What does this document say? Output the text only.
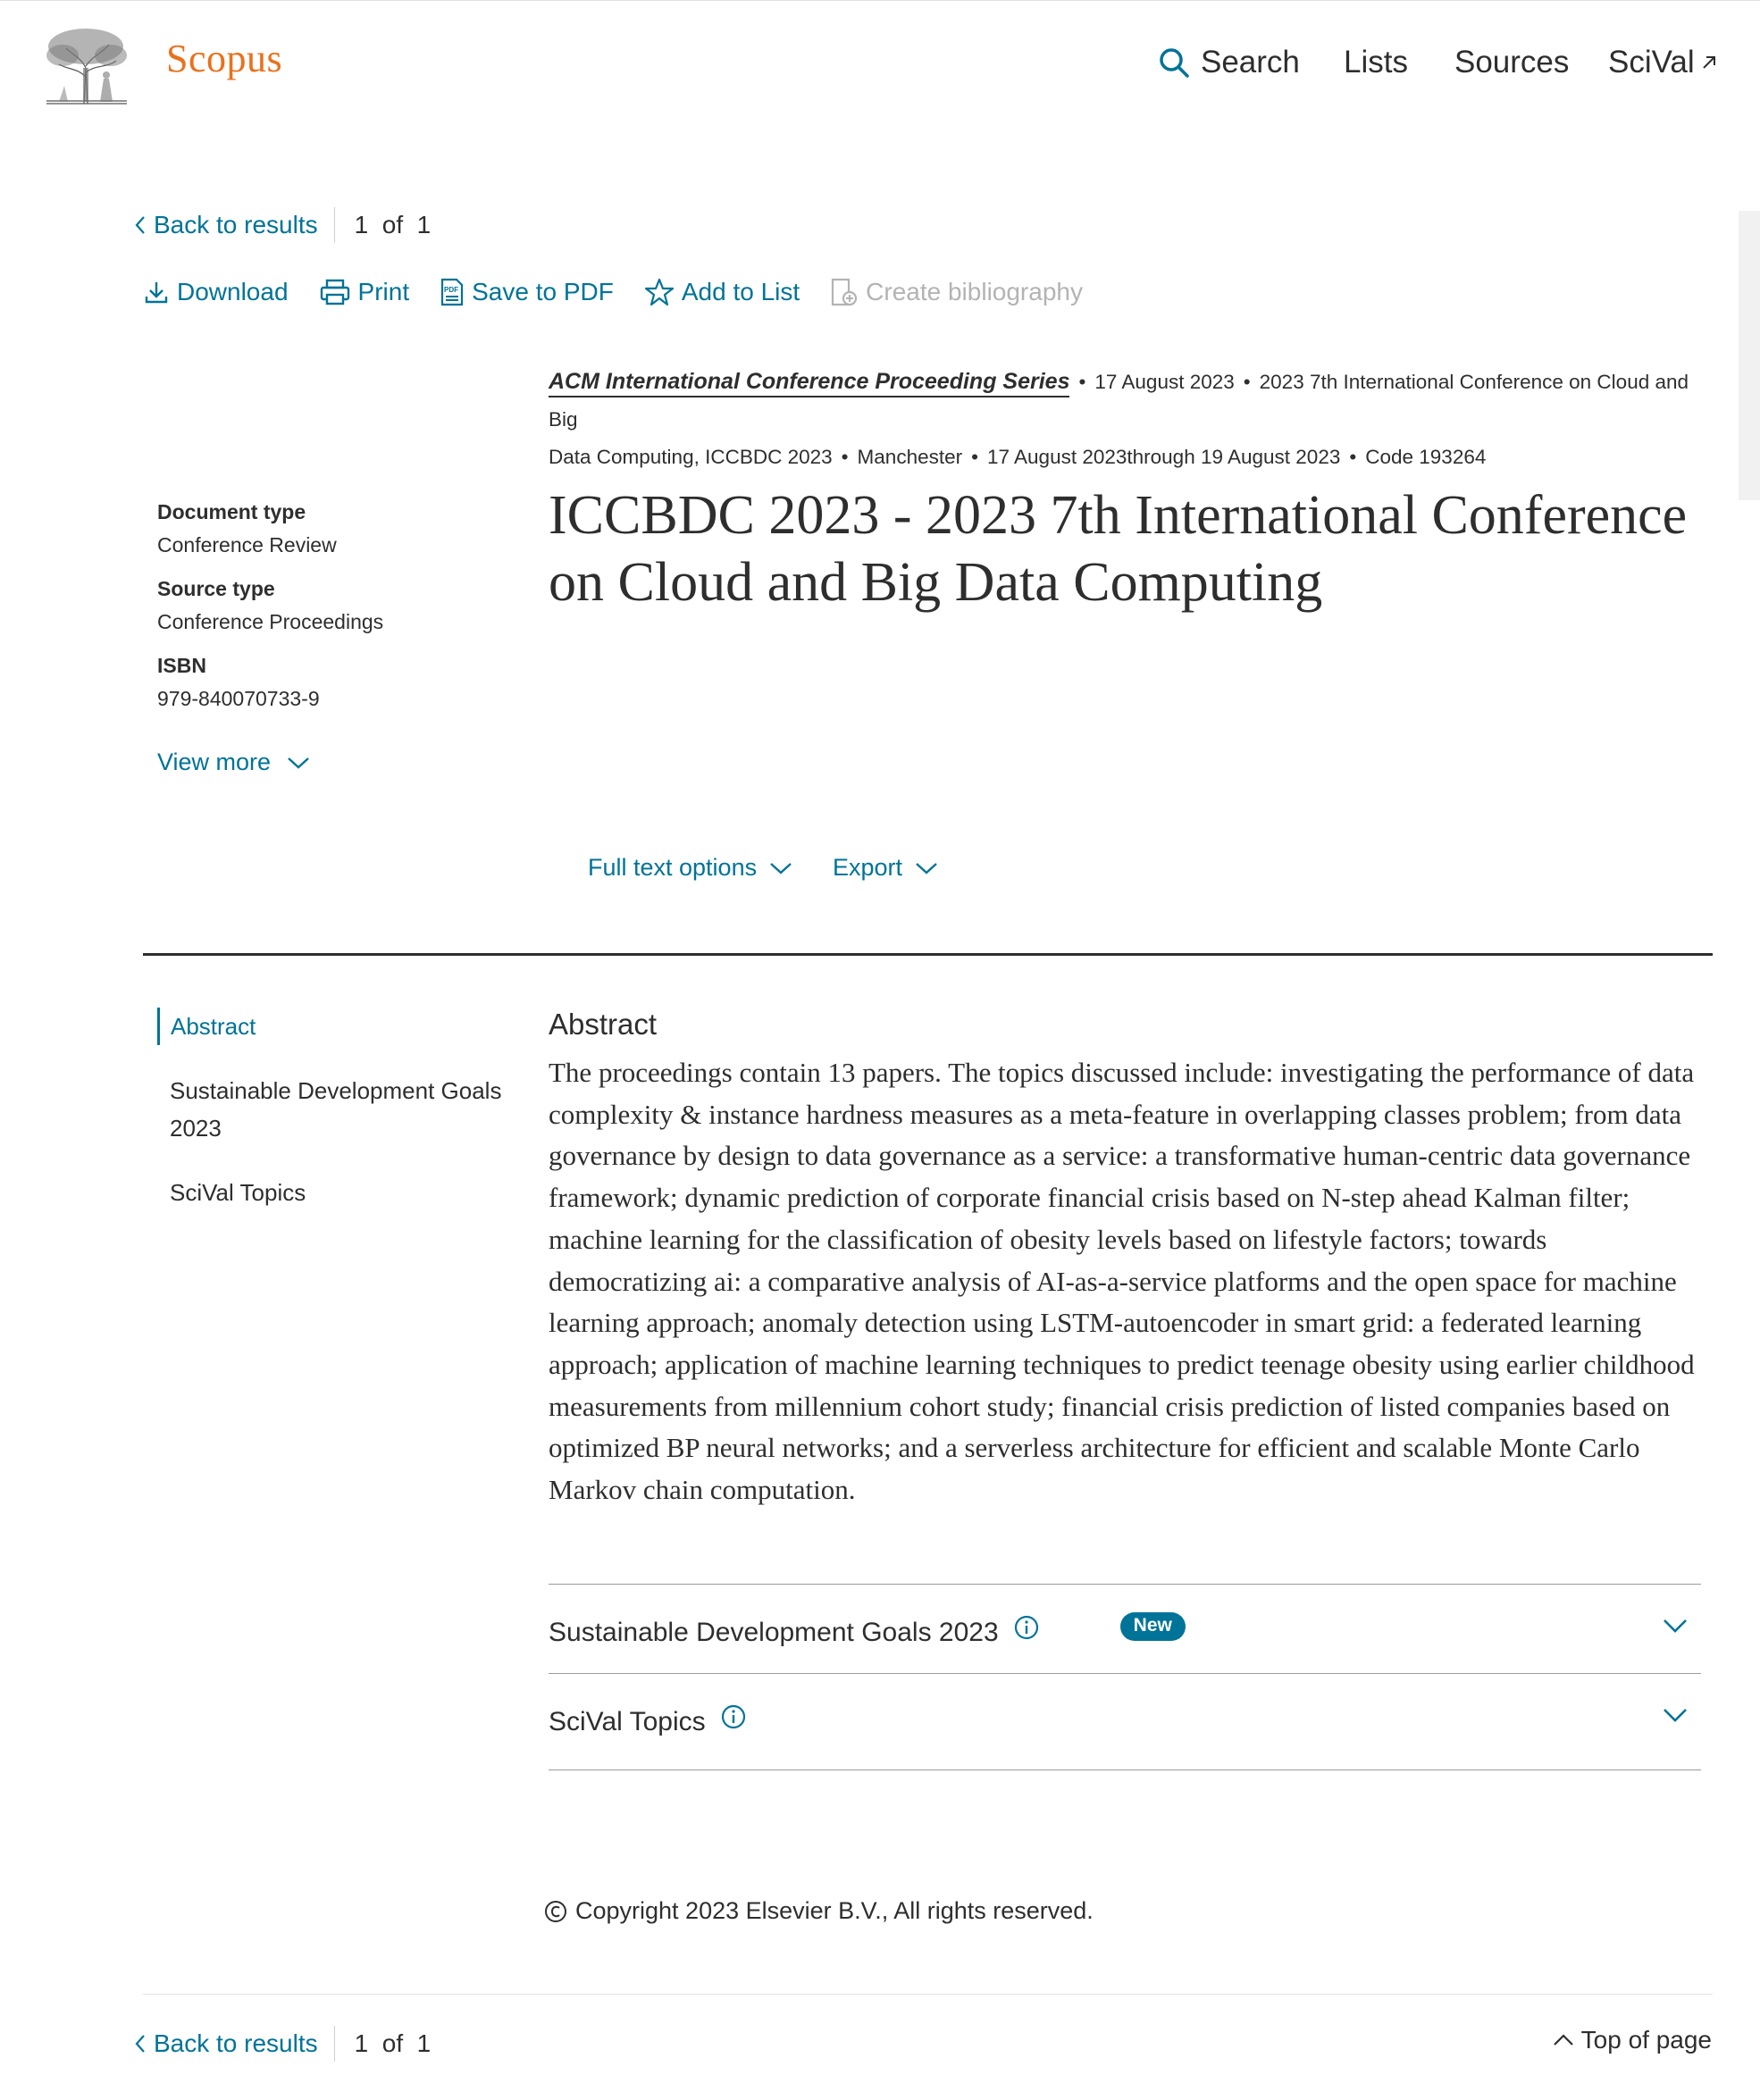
Scopus	Search Lists Sources SciVal
Back to results 1  of  1
Download	Print	PDF Save to PDF	Add to List	Create bibliography
ACM International Conference Proceeding Series • 17 August 2023 • 2023 7th International Conference on Cloud and Big
Data Computing, ICCBDC 2023 • Manchester • 17 August 2023through 19 August 2023 • Code 193264
ICCBDC 2023 - 2023 7th International Conference on Cloud and Big Data Computing
Document type
Conference Review
Source type
Conference Proceedings
ISBN
979-840070733-9
View more
Full text options	Export
Abstract
Sustainable Development Goals 2023
SciVal Topics
Abstract
The proceedings contain 13 papers. The topics discussed include: investigating the performance of data complexity & instance hardness measures as a meta-feature in overlapping classes problem; from data governance by design to data governance as a service: a transformative human-centric data governance framework; dynamic prediction of corporate financial crisis based on N-step ahead Kalman filter; machine learning for the classification of obesity levels based on lifestyle factors; towards democratizing ai: a comparative analysis of AI-as-a-service platforms and the open space for machine learning approach; anomaly detection using LSTM-autoencoder in smart grid: a federated learning approach; application of machine learning techniques to predict teenage obesity using earlier childhood measurements from millennium cohort study; financial crisis prediction of listed companies based on optimized BP neural networks; and a serverless architecture for efficient and scalable Monte Carlo Markov chain computation.
Sustainable Development Goals 2023	New
SciVal Topics
Copyright 2023 Elsevier B.V., All rights reserved.
Back to results 1  of  1	Top of page
